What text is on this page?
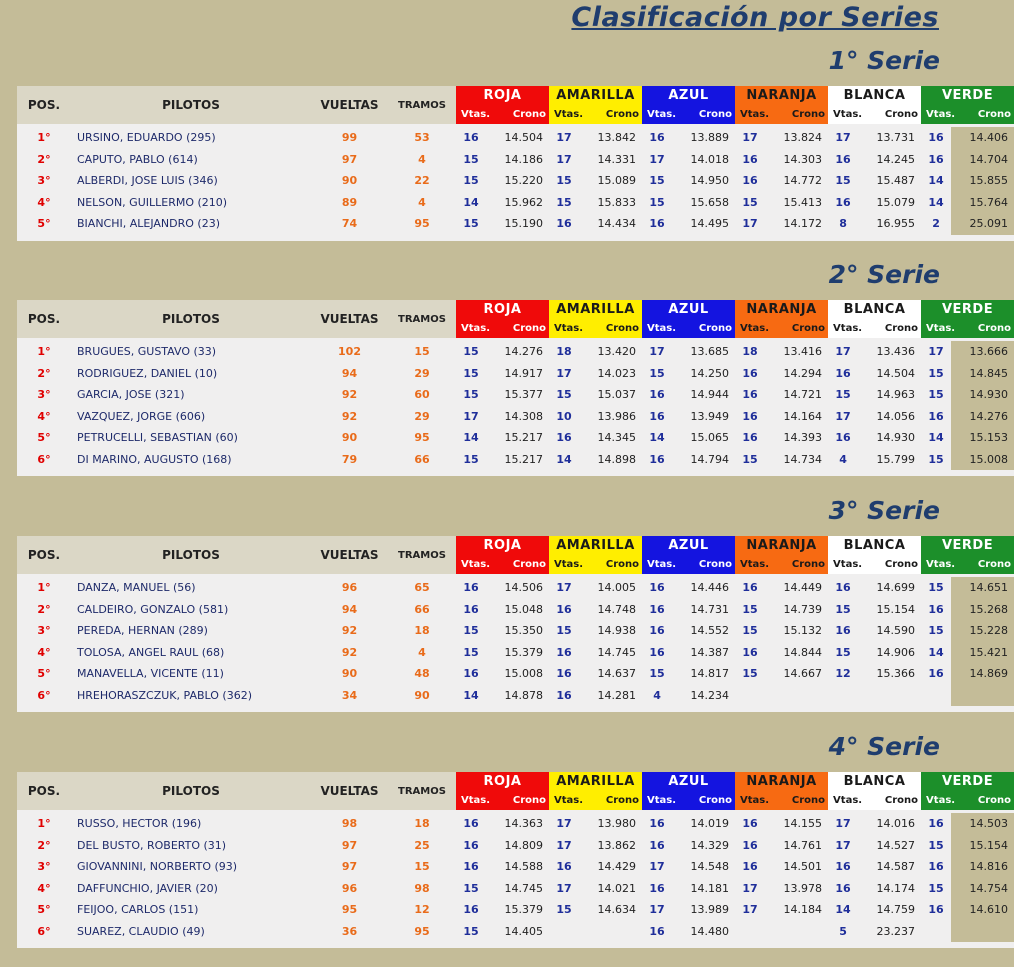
Clasificación por Series
1° Serie
POS.	PILOTOS	VUELTAS	TRAMOS	ROJA		AMARILLA		AZUL		NARANJA		BLANCA		VERDE	
				Vtas.	Crono	Vtas.	Crono	Vtas.	Crono	Vtas.	Crono	Vtas.	Crono	Vtas.	Crono

1°	URSINO, EDUARDO (295)	99	53	16	14.504	17	13.842	16	13.889	17	13.824	17	13.731	16	14.406
2°	CAPUTO, PABLO (614)	97	4	15	14.186	17	14.331	17	14.018	16	14.303	16	14.245	16	14.704
3°	ALBERDI, JOSE LUIS (346)	90	22	15	15.220	15	15.089	15	14.950	16	14.772	15	15.487	14	15.855
4°	NELSON, GUILLERMO (210)	89	4	14	15.962	15	15.833	15	15.658	15	15.413	16	15.079	14	15.764
5°	BIANCHI, ALEJANDRO (23)	74	95	15	15.190	16	14.434	16	14.495	17	14.172	8	16.955	2	25.091

2° Serie
POS.	PILOTOS	VUELTAS	TRAMOS	ROJA		AMARILLA		AZUL		NARANJA		BLANCA		VERDE	
				Vtas.	Crono	Vtas.	Crono	Vtas.	Crono	Vtas.	Crono	Vtas.	Crono	Vtas.	Crono

1°	BRUGUES, GUSTAVO (33)	102	15	15	14.276	18	13.420	17	13.685	18	13.416	17	13.436	17	13.666
2°	RODRIGUEZ, DANIEL (10)	94	29	15	14.917	17	14.023	15	14.250	16	14.294	16	14.504	15	14.845
3°	GARCIA, JOSE (321)	92	60	15	15.377	15	15.037	16	14.944	16	14.721	15	14.963	15	14.930
4°	VAZQUEZ, JORGE (606)	92	29	17	14.308	10	13.986	16	13.949	16	14.164	17	14.056	16	14.276
5°	PETRUCELLI, SEBASTIAN (60)	90	95	14	15.217	16	14.345	14	15.065	16	14.393	16	14.930	14	15.153
6°	DI MARINO, AUGUSTO (168)	79	66	15	15.217	14	14.898	16	14.794	15	14.734	4	15.799	15	15.008

3° Serie
POS.	PILOTOS	VUELTAS	TRAMOS	ROJA		AMARILLA		AZUL		NARANJA		BLANCA		VERDE	
				Vtas.	Crono	Vtas.	Crono	Vtas.	Crono	Vtas.	Crono	Vtas.	Crono	Vtas.	Crono

1°	DANZA, MANUEL (56)	96	65	16	14.506	17	14.005	16	14.446	16	14.449	16	14.699	15	14.651
2°	CALDEIRO, GONZALO (581)	94	66	16	15.048	16	14.748	16	14.731	15	14.739	15	15.154	16	15.268
3°	PEREDA, HERNAN (289)	92	18	15	15.350	15	14.938	16	14.552	15	15.132	16	14.590	15	15.228
4°	TOLOSA, ANGEL RAUL (68)	92	4	15	15.379	16	14.745	16	14.387	16	14.844	15	14.906	14	15.421
5°	MANAVELLA, VICENTE (11)	90	48	16	15.008	16	14.637	15	14.817	15	14.667	12	15.366	16	14.869
6°	HREHORASZCZUK, PABLO (362)	34	90	14	14.878	16	14.281	4	14.234						

4° Serie
POS.	PILOTOS	VUELTAS	TRAMOS	ROJA		AMARILLA		AZUL		NARANJA		BLANCA		VERDE	
				Vtas.	Crono	Vtas.	Crono	Vtas.	Crono	Vtas.	Crono	Vtas.	Crono	Vtas.	Crono

1°	RUSSO, HECTOR (196)	98	18	16	14.363	17	13.980	16	14.019	16	14.155	17	14.016	16	14.503
2°	DEL BUSTO, ROBERTO (31)	97	25	16	14.809	17	13.862	16	14.329	16	14.761	17	14.527	15	15.154
3°	GIOVANNINI, NORBERTO (93)	97	15	16	14.588	16	14.429	17	14.548	16	14.501	16	14.587	16	14.816
4°	DAFFUNCHIO, JAVIER (20)	96	98	15	14.745	17	14.021	16	14.181	17	13.978	16	14.174	15	14.754
5°	FEIJOO, CARLOS (151)	95	12	16	15.379	15	14.634	17	13.989	17	14.184	14	14.759	16	14.610
6°	SUAREZ, CLAUDIO (49)	36	95	15	14.405			16	14.480			5	23.237		
